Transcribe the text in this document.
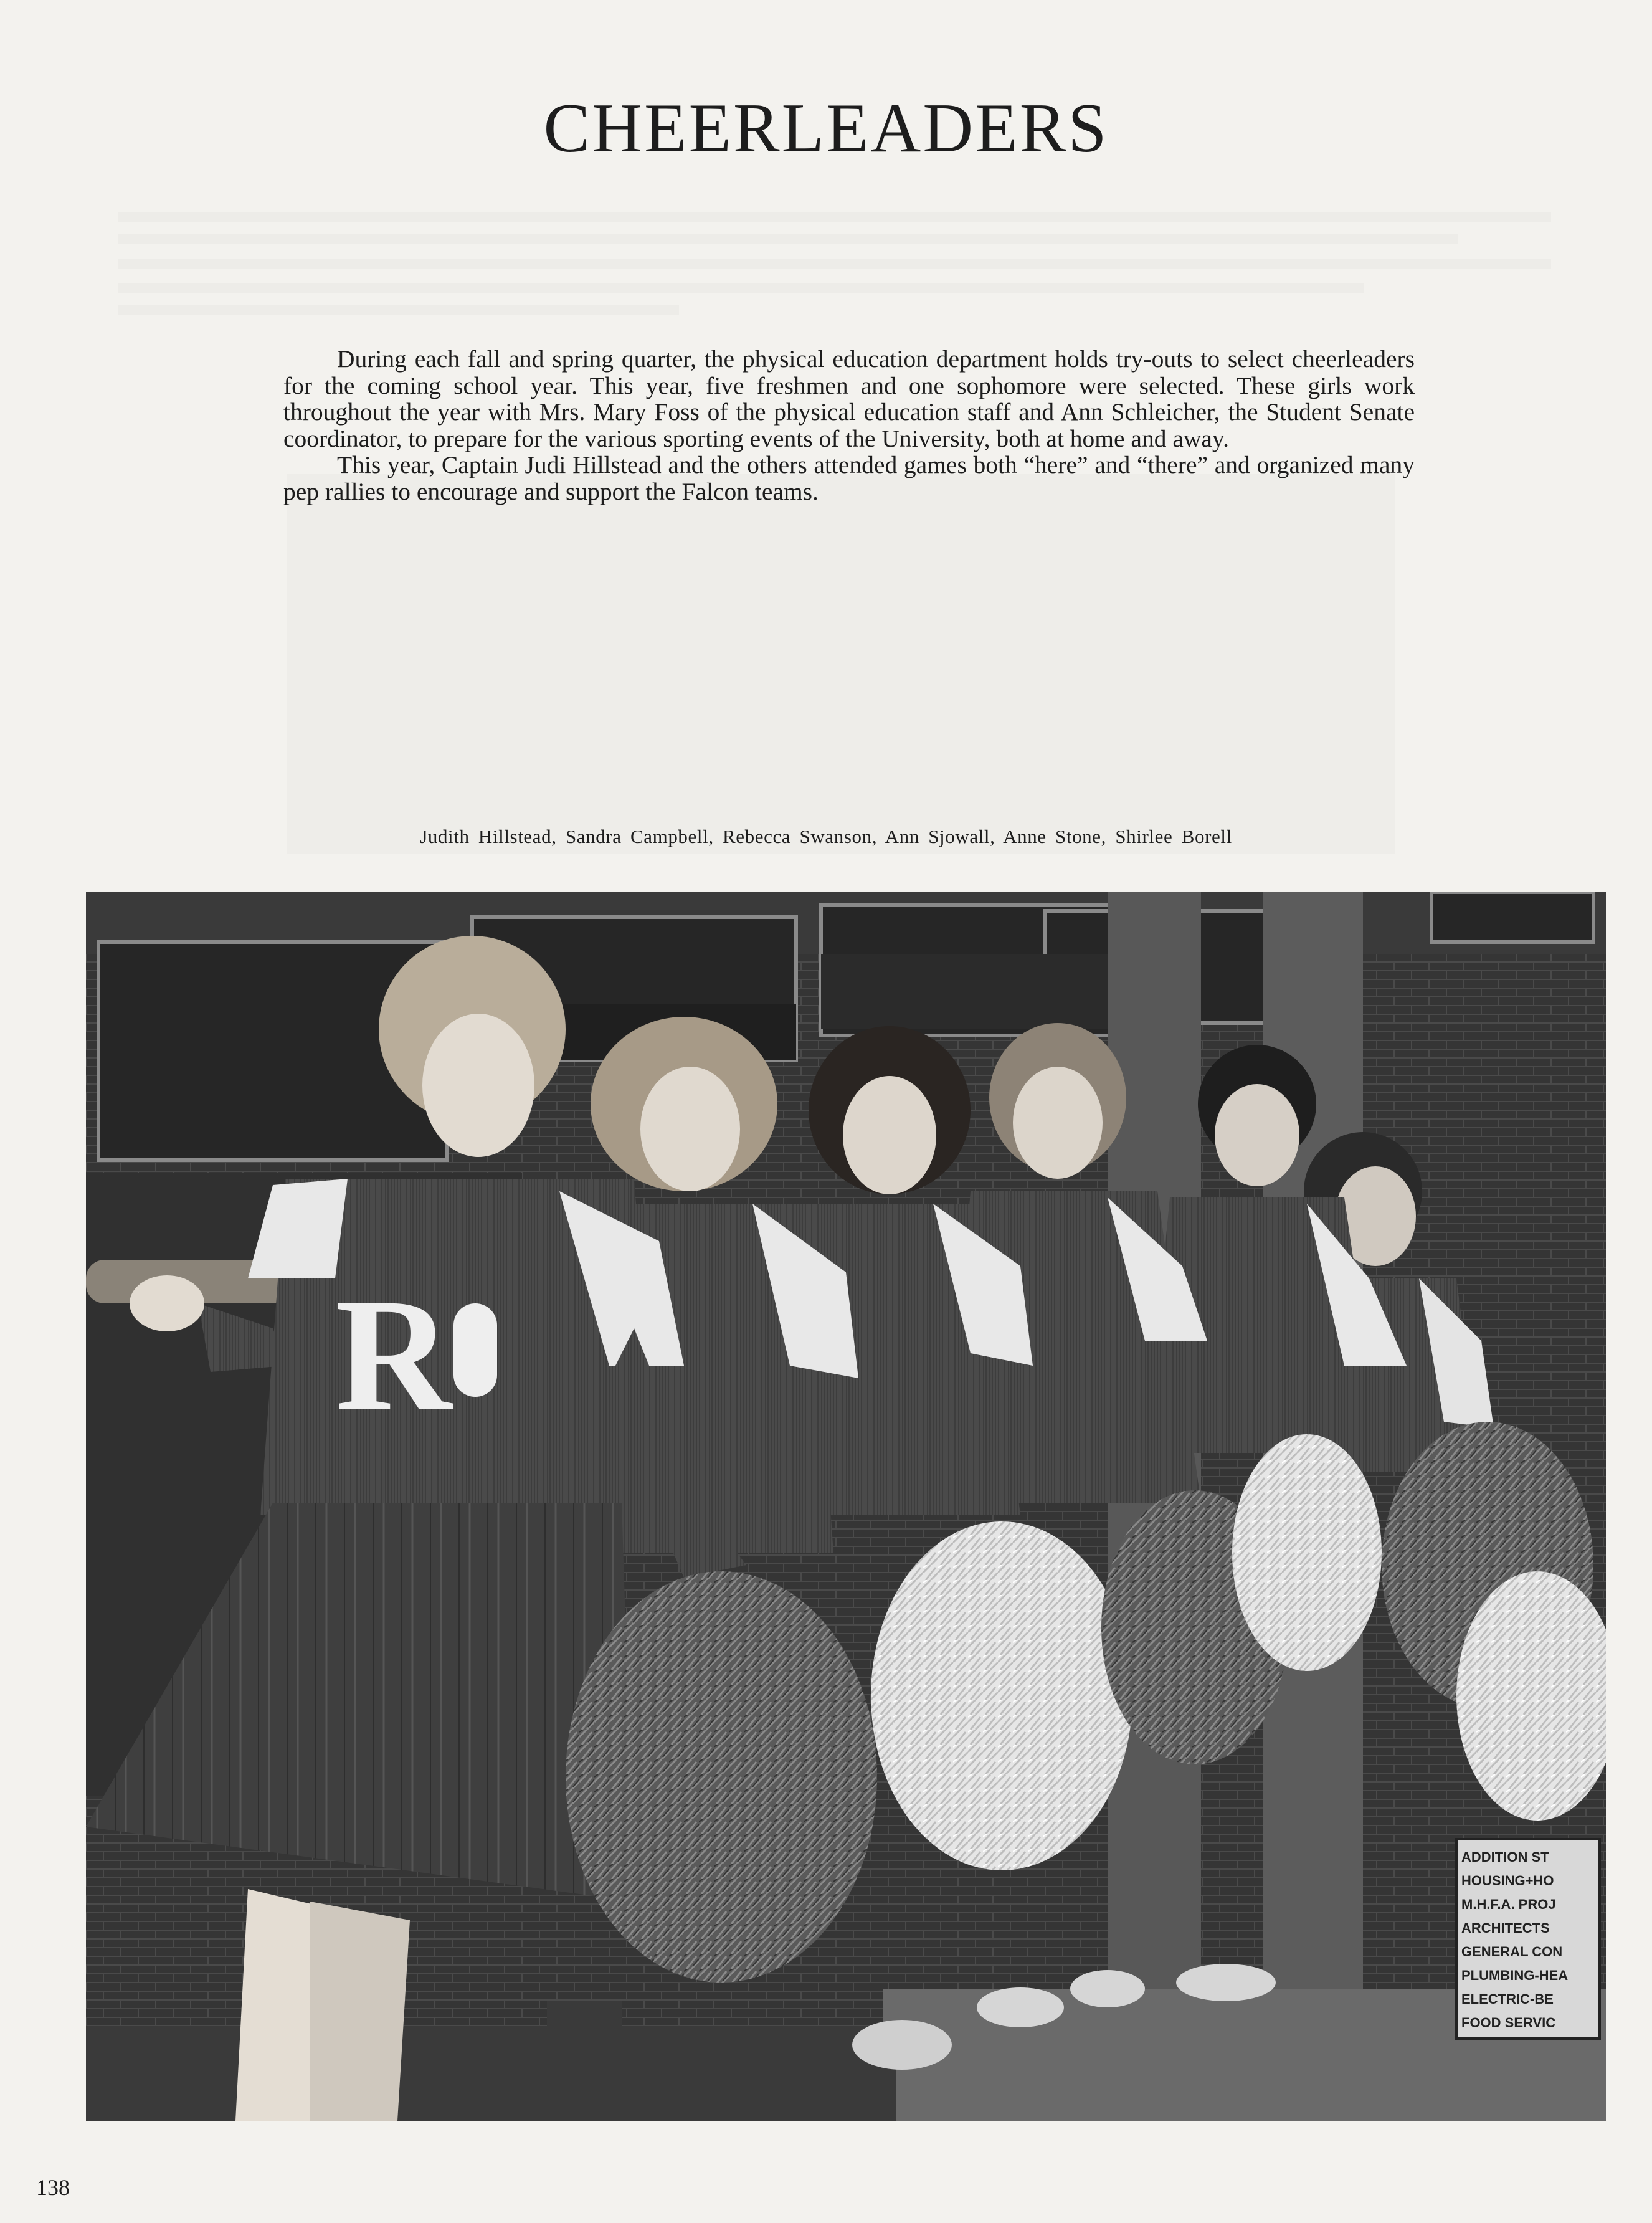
CHEERLEADERS

During each fall and spring quarter, the physical education department holds try-outs to select cheerleaders for the coming school year. This year, five freshmen and one sophomore were selected. These girls work throughout the year with Mrs. Mary Foss of the physical education staff and Ann Schleicher, the Student Senate coordinator, to prepare for the various sporting events of the University, both at home and away.

This year, Captain Judi Hillstead and the others attended games both “here” and “there” and organized many pep rallies to encourage and support the Falcon teams.

Judith Hillstead, Sandra Campbell, Rebecca Swanson, Ann Sjowall, Anne Stone, Shirlee Borell
R
ADDITION ST
HOUSING+HO
M.H.F.A. PROJ
ARCHITECTS
GENERAL CON
PLUMBING-HEA
ELECTRIC-BE
FOOD SERVIC
138
